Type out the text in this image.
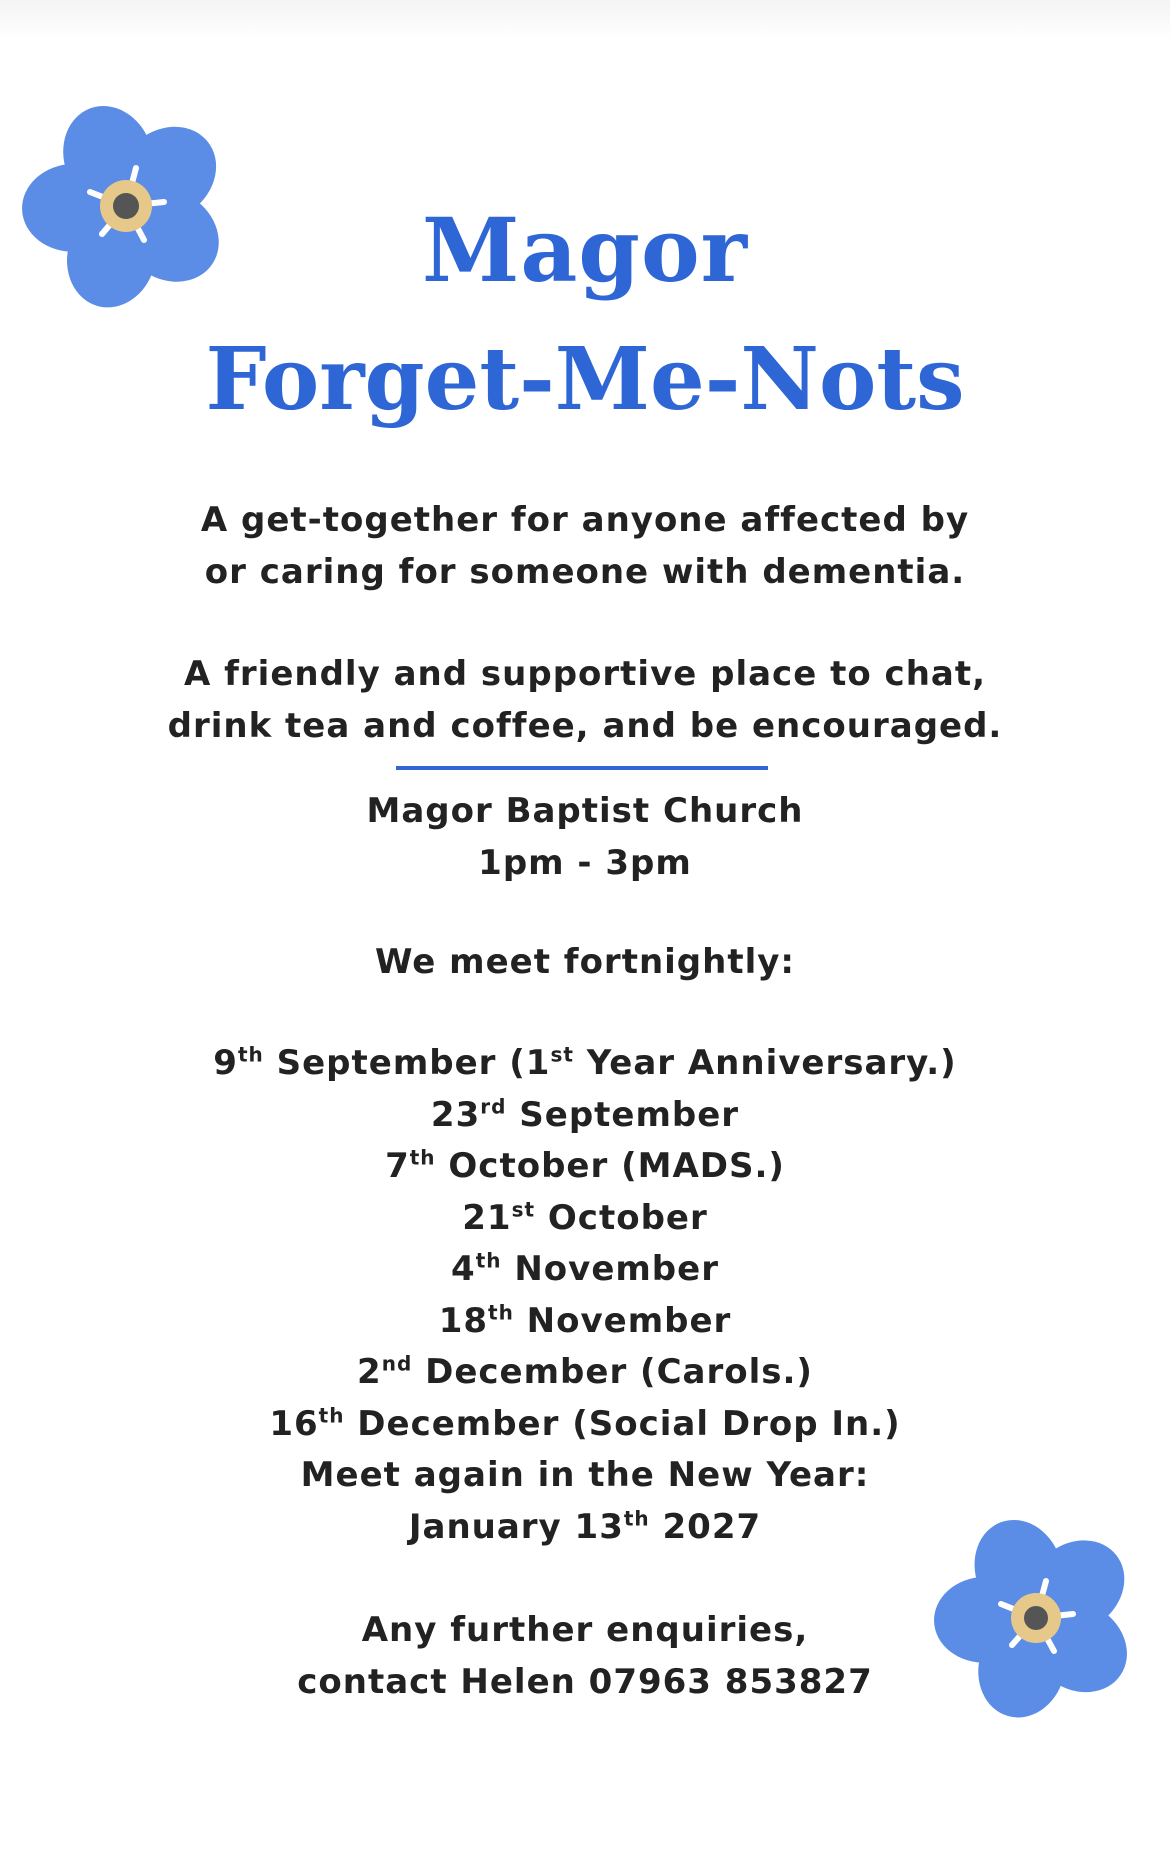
Magor
Forget-Me-Nots

A get-together for anyone affected by

or caring for someone with dementia.

A friendly and supportive place to chat,

drink tea and coffee, and be encouraged.

Magor Baptist Church

1pm - 3pm

We meet fortnightly:

9th September (1st Year Anniversary.)

23rd September

7th October (MADS.)

21st October

4th November

18th November

2nd December (Carols.)

16th December (Social Drop In.)

Meet again in the New Year:

January 13th 2027

Any further enquiries,

contact Helen 07963 853827
